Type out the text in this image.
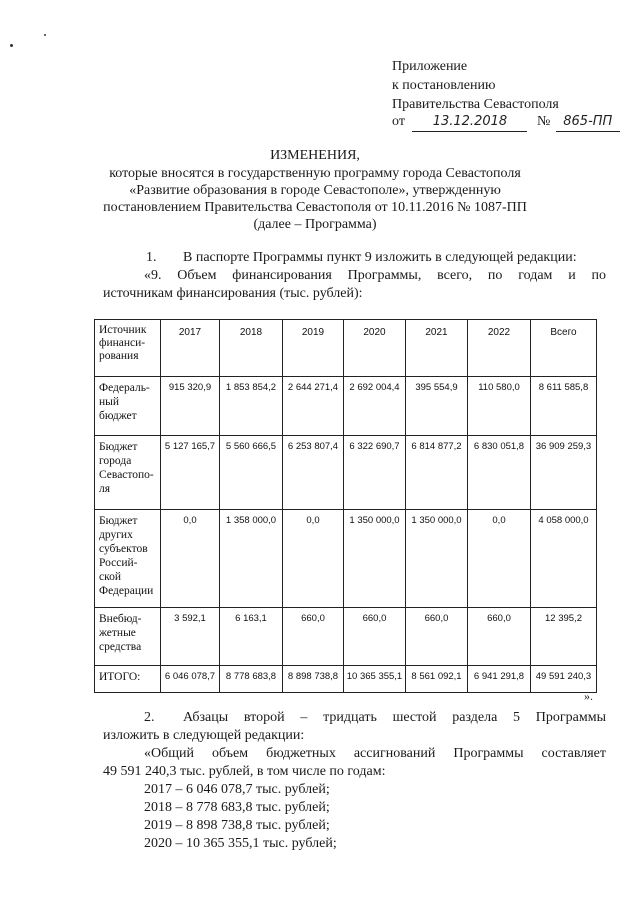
Приложение
к постановлению
Правительства Севастополя
от 13.12.2018 № 865-ПП
ИЗМЕНЕНИЯ,
которые вносятся в государственную программу города Севастополя
«Развитие образования в городе Севастополе», утвержденную
постановлением Правительства Севастополя от 10.11.2016 № 1087-ПП
(далее – Программа)
1. В паспорте Программы пункт 9 изложить в следующей редакции:
«9. Объем финансирования Программы, всего, по годам и по
источникам финансирования (тыс. рублей):
Источник финанси-рования	2017	2018	2019	2020	2021	2022	Всего
Федераль-ный бюджет	915 320,9	1 853 854,2	2 644 271,4	2 692 004,4	395 554,9	110 580,0	8 611 585,8
Бюджет города Севастопо-ля	5 127 165,7	5 560 666,5	6 253 807,4	6 322 690,7	6 814 877,2	6 830 051,8	36 909 259,3
Бюджет других субъектов Россий-ской Федерации	0,0	1 358 000,0	0,0	1 350 000,0	1 350 000,0	0,0	4 058 000,0
Внебюд-жетные средства	3 592,1	6 163,1	660,0	660,0	660,0	660,0	12 395,2
ИТОГО:	6 046 078,7	8 778 683,8	8 898 738,8	10 365 355,1	8 561 092,1	6 941 291,8	49 591 240,3
».
2. Абзацы второй – тридцать шестой раздела 5 Программы
изложить в следующей редакции:
«Общий объем бюджетных ассигнований Программы составляет
49 591 240,3 тыс. рублей, в том числе по годам:
2017 – 6 046 078,7 тыс. рублей;
2018 – 8 778 683,8 тыс. рублей;
2019 – 8 898 738,8 тыс. рублей;
2020 – 10 365 355,1 тыс. рублей;
